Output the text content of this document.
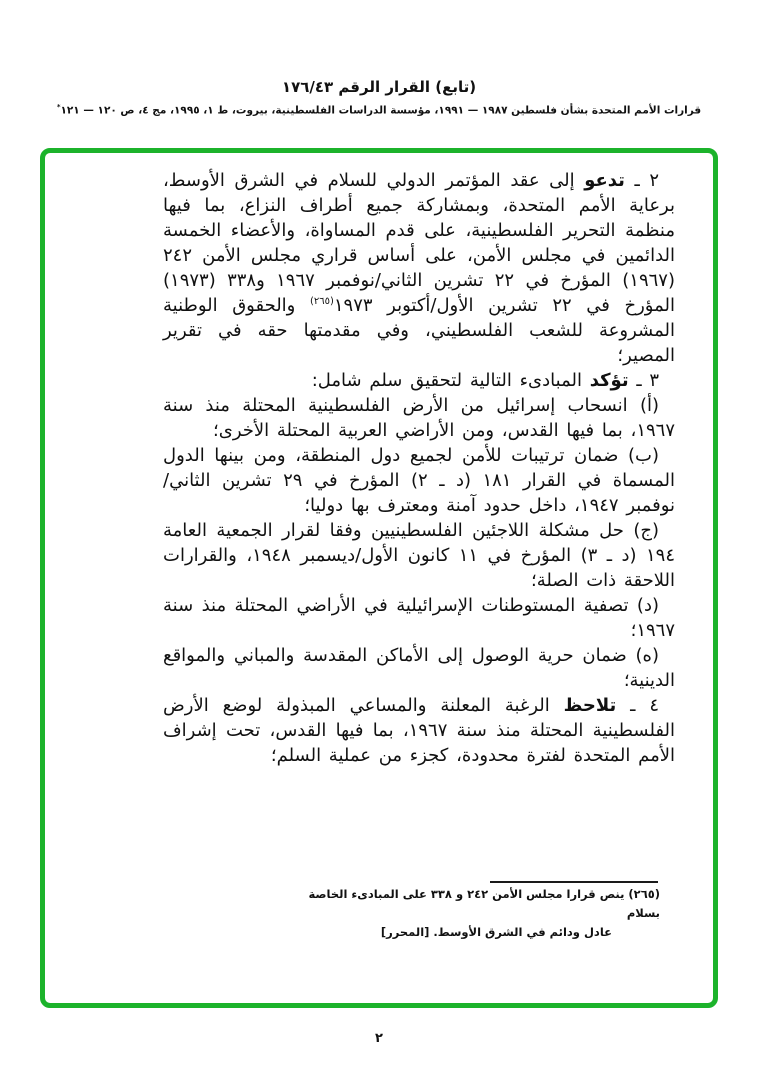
(تابع) القرار الرقم ١٧٦/٤٣
قرارات الأمم المتحدة بشأن فلسطين ١٩٨٧ — ١٩٩١، مؤسسة الدراسات الفلسطينية، بيروت، ط ١، ١٩٩٥، مج ٤، ص ١٢٠ — ١٢١*

٢ ـ تدعو إلى عقد المؤتمر الدولي للسلام في الشرق الأوسط، برعاية الأمم المتحدة، وبمشاركة جميع أطراف النزاع، بما فيها منظمة التحرير الفلسطينية، على قدم المساواة، والأعضاء الخمسة الدائمين في مجلس الأمن، على أساس قراري مجلس الأمن ٢٤٢ (١٩٦٧) المؤرخ في ٢٢ تشرين الثاني/نوفمبر ١٩٦٧ و٣٣٨ (١٩٧٣) المؤرخ في ٢٢ تشرين الأول/أكتوبر ١٩٧٣$^{(٢٦٥)}$ والحقوق الوطنية المشروعة للشعب الفلسطيني، وفي مقدمتها حقه في تقرير المصير؛

٣ ـ تؤكد المبادىء التالية لتحقيق سلم شامل:

(أ) انسحاب إسرائيل من الأرض الفلسطينية المحتلة منذ سنة ١٩٦٧، بما فيها القدس، ومن الأراضي العربية المحتلة الأخرى؛

(ب) ضمان ترتيبات للأمن لجميع دول المنطقة، ومن بينها الدول المسماة في القرار ١٨١ (د ـ ٢) المؤرخ في ٢٩ تشرين الثاني/نوفمبر ١٩٤٧، داخل حدود آمنة ومعترف بها دوليا؛

(ج) حل مشكلة اللاجئين الفلسطينيين وفقا لقرار الجمعية العامة ١٩٤ (د ـ ٣) المؤرخ في ١١ كانون الأول/ديسمبر ١٩٤٨، والقرارات اللاحقة ذات الصلة؛

(د) تصفية المستوطنات الإسرائيلية في الأراضي المحتلة منذ سنة ١٩٦٧؛

(ه) ضمان حرية الوصول إلى الأماكن المقدسة والمباني والمواقع الدينية؛

٤ ـ تلاحظ الرغبة المعلنة والمساعي المبذولة لوضع الأرض الفلسطينية المحتلة منذ سنة ١٩٦٧، بما فيها القدس، تحت إشراف الأمم المتحدة لفترة محدودة، كجزء من عملية السلم؛

(٢٦٥) ينص قرارا مجلس الأمن ٢٤٢ و ٣٣٨ على المبادىء الخاصة بسلام
عادل ودائم في الشرق الأوسط. [المحرر]
٢
